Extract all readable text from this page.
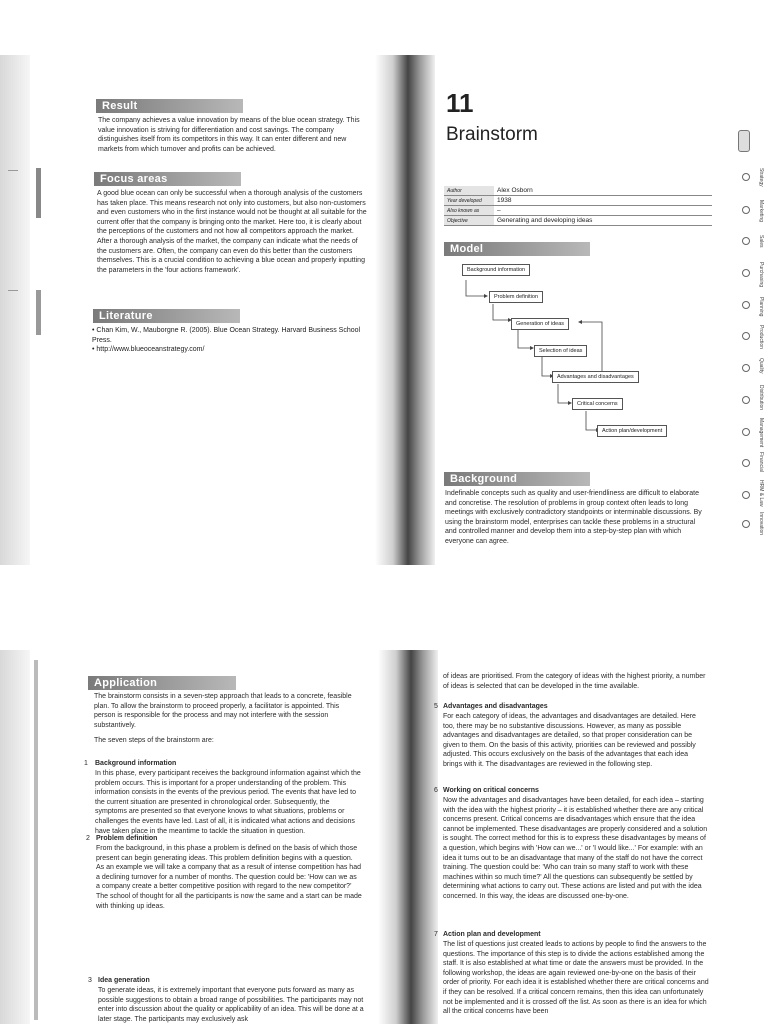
Result
The company achieves a value innovation by means of the blue ocean strategy. This value innovation is striving for differentiation and cost savings. The company distinguishes itself from its competitors in this way. It can enter different and new markets from which turnover and profits can be achieved.
Focus areas
A good blue ocean can only be successful when a thorough analysis of the customers has taken place. This means research not only into customers, but also non-customers and even customers who in the first instance would not be thought at all suitable for the current offer that the company is bringing onto the market. Here too, it is clearly about the perceptions of the customers and not how all competitors approach the market. After a thorough analysis of the market, the company can indicate what the needs of the customers are. Often, the company can even do this better than the customers themselves. This is a crucial condition to achieving a blue ocean and properly inputting the parameters in the 'four actions framework'.
Literature
• Chan Kim, W., Mauborgne R. (2005). Blue Ocean Strategy. Harvard Business School Press.
• http://www.blueoceanstrategy.com/
11
Brainstorm
Author	Alex Osborn
Year developed	1938
Also known as	–
Objective	Generating and developing ideas
Model
Background information
Problem definition
Generation of ideas
Selection of ideas
Advantages and disadvantages
Critical concerns
Action plan/development
Background
Indefinable concepts such as quality and user-friendliness are difficult to elaborate and concretise. The resolution of problems in group context often leads to long meetings with exclusively contradictory standpoints or interminable discussions. By using the brainstorm model, enterprises can tackle these problems in a structural and controlled manner and develop them into a step-by-step plan with which everyone can agree.
Strategy
Marketing
Sales
Purchasing
Planning
Production
Quality
Distribution
Management
Financial
HRM & Law
Innovation
Application
The brainstorm consists in a seven-step approach that leads to a concrete, feasible plan. To allow the brainstorm to proceed properly, a facilitator is appointed. This person is responsible for the process and may not interfere with the session substantively.
The seven steps of the brainstorm are:
1	Background information
In this phase, every participant receives the background information against which the problem occurs. This is important for a proper understanding of the problem. This information consists in the events of the previous period. The events that have led to the current situation are presented in chronological order. Subsequently, the symptoms are presented so that everyone knows to what situations, problems or challenges the events have led. Last of all, it is indicated what actions and decisions have taken place in the meantime to tackle the situation in question.
2 Problem definition
From the background, in this phase a problem is defined on the basis of which those present can begin generating ideas. This problem definition begins with a question. As an example we will take a company that as a result of intense competition has had a declining turnover for a number of months. The question could be: 'How can we as a company create a better competitive position with regard to the new competitor?' The school of thought for all the participants is now the same and a start can be made with thinking up ideas.
3 Idea generation
To generate ideas, it is extremely important that everyone puts forward as many as possible suggestions to obtain a broad range of possibilities. The participants may not enter into discussion about the quality or applicability of an idea. This will be done at a later stage. The participants may exclusively ask
of ideas are prioritised. From the category of ideas with the highest priority, a number of ideas is selected that can be developed in the time available.
5 Advantages and disadvantages
For each category of ideas, the advantages and disadvantages are detailed. Here too, there may be no substantive discussions. However, as many as possible advantages and disadvantages are detailed, so that proper consideration can be given to them. On the basis of this activity, priorities can be reviewed and possibly adjusted. This occurs exclusively on the basis of the advantages that each idea brings with it. The disadvantages are reviewed in the following step.
6 Working on critical concerns
Now the advantages and disadvantages have been detailed, for each idea – starting with the idea with the highest priority – it is established whether there are any critical concerns present. Critical concerns are disadvantages which ensure that the idea cannot be implemented. These disadvantages are properly considered and a solution is sought. The correct method for this is to express these disadvantages by means of a question, which begins with 'How can we...' or 'I would like...' For example: with an idea it turns out to be an disadvantage that many of the staff do not have the correct training. The question could be: 'Who can train so many staff to work with these machines within so much time?' All the questions can subsequently be settled by determining what actions to carry out. These actions are listed and put with the idea concerned. In this way, the ideas are discussed one-by-one.
7 Action plan and development
The list of questions just created leads to actions by people to find the answers to the questions. The importance of this step is to divide the actions established among the staff. It is also established at what time or date the answers must be provided. In the following workshop, the ideas are again reviewed one-by-one on the basis of their order of priority. For each idea it is established whether there are critical concerns and if they can be resolved. If a critical concern remains, then this idea can unfortunately not be implemented and it is crossed off the list. As soon as there is an idea for which all the critical concerns have been
